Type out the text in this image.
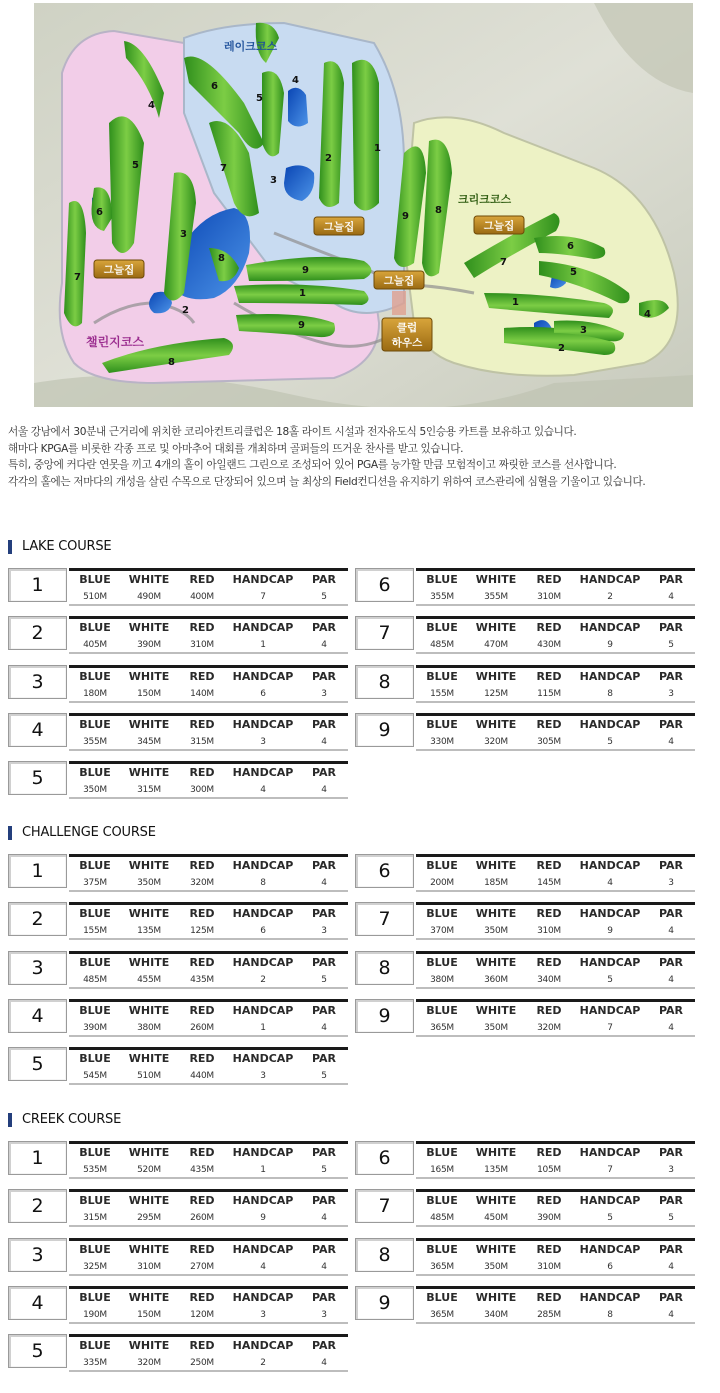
레이크코스
챌린지코스
크리크코스
1
2
3
4
5
6
7
8
9
1
2
3
4
5
6
7
8
9
1
2
3
4
5
6
7
8
9
그늘집
그늘집
그늘집
그늘집
클럽
하우스

서울 강남에서 30분내 근거리에 위치한 코리아컨트리클럽은 18홀 라이트 시설과 전자유도식 5인승용 카트를 보유하고 있습니다.

해마다 KPGA를 비롯한 각종 프로 및 아마추어 대회를 개최하며 골퍼들의 뜨거운 찬사를 받고 있습니다.

특히, 중앙에 커다란 연못을 끼고 4개의 홀이 아일랜드 그린으로 조성되어 있어 PGA를 능가할 만큼 모험적이고 짜릿한 코스를 선사합니다.

각각의 홀에는 저마다의 개성을 살린 수목으로 단장되어 있으며 늘 최상의 Field컨디션을 유지하기 위하여 코스관리에 심혈을 기울이고 있습니다.

LAKE COURSE
1	BLUE	WHITE	RED	HANDCAP	PAR
510M	490M	400M	7	5
2	BLUE	WHITE	RED	HANDCAP	PAR
405M	390M	310M	1	4
3	BLUE	WHITE	RED	HANDCAP	PAR
180M	150M	140M	6	3
4	BLUE	WHITE	RED	HANDCAP	PAR
355M	345M	315M	3	4
5	BLUE	WHITE	RED	HANDCAP	PAR
350M	315M	300M	4	4
6	BLUE	WHITE	RED	HANDCAP	PAR
355M	355M	310M	2	4
7	BLUE	WHITE	RED	HANDCAP	PAR
485M	470M	430M	9	5
8	BLUE	WHITE	RED	HANDCAP	PAR
155M	125M	115M	8	3
9	BLUE	WHITE	RED	HANDCAP	PAR
330M	320M	305M	5	4
CHALLENGE COURSE
1	BLUE	WHITE	RED	HANDCAP	PAR
375M	350M	320M	8	4
2	BLUE	WHITE	RED	HANDCAP	PAR
155M	135M	125M	6	3
3	BLUE	WHITE	RED	HANDCAP	PAR
485M	455M	435M	2	5
4	BLUE	WHITE	RED	HANDCAP	PAR
390M	380M	260M	1	4
5	BLUE	WHITE	RED	HANDCAP	PAR
545M	510M	440M	3	5
6	BLUE	WHITE	RED	HANDCAP	PAR
200M	185M	145M	4	3
7	BLUE	WHITE	RED	HANDCAP	PAR
370M	350M	310M	9	4
8	BLUE	WHITE	RED	HANDCAP	PAR
380M	360M	340M	5	4
9	BLUE	WHITE	RED	HANDCAP	PAR
365M	350M	320M	7	4
CREEK COURSE
1	BLUE	WHITE	RED	HANDCAP	PAR
535M	520M	435M	1	5
2	BLUE	WHITE	RED	HANDCAP	PAR
315M	295M	260M	9	4
3	BLUE	WHITE	RED	HANDCAP	PAR
325M	310M	270M	4	4
4	BLUE	WHITE	RED	HANDCAP	PAR
190M	150M	120M	3	3
5	BLUE	WHITE	RED	HANDCAP	PAR
335M	320M	250M	2	4
6	BLUE	WHITE	RED	HANDCAP	PAR
165M	135M	105M	7	3
7	BLUE	WHITE	RED	HANDCAP	PAR
485M	450M	390M	5	5
8	BLUE	WHITE	RED	HANDCAP	PAR
365M	350M	310M	6	4
9	BLUE	WHITE	RED	HANDCAP	PAR
365M	340M	285M	8	4
